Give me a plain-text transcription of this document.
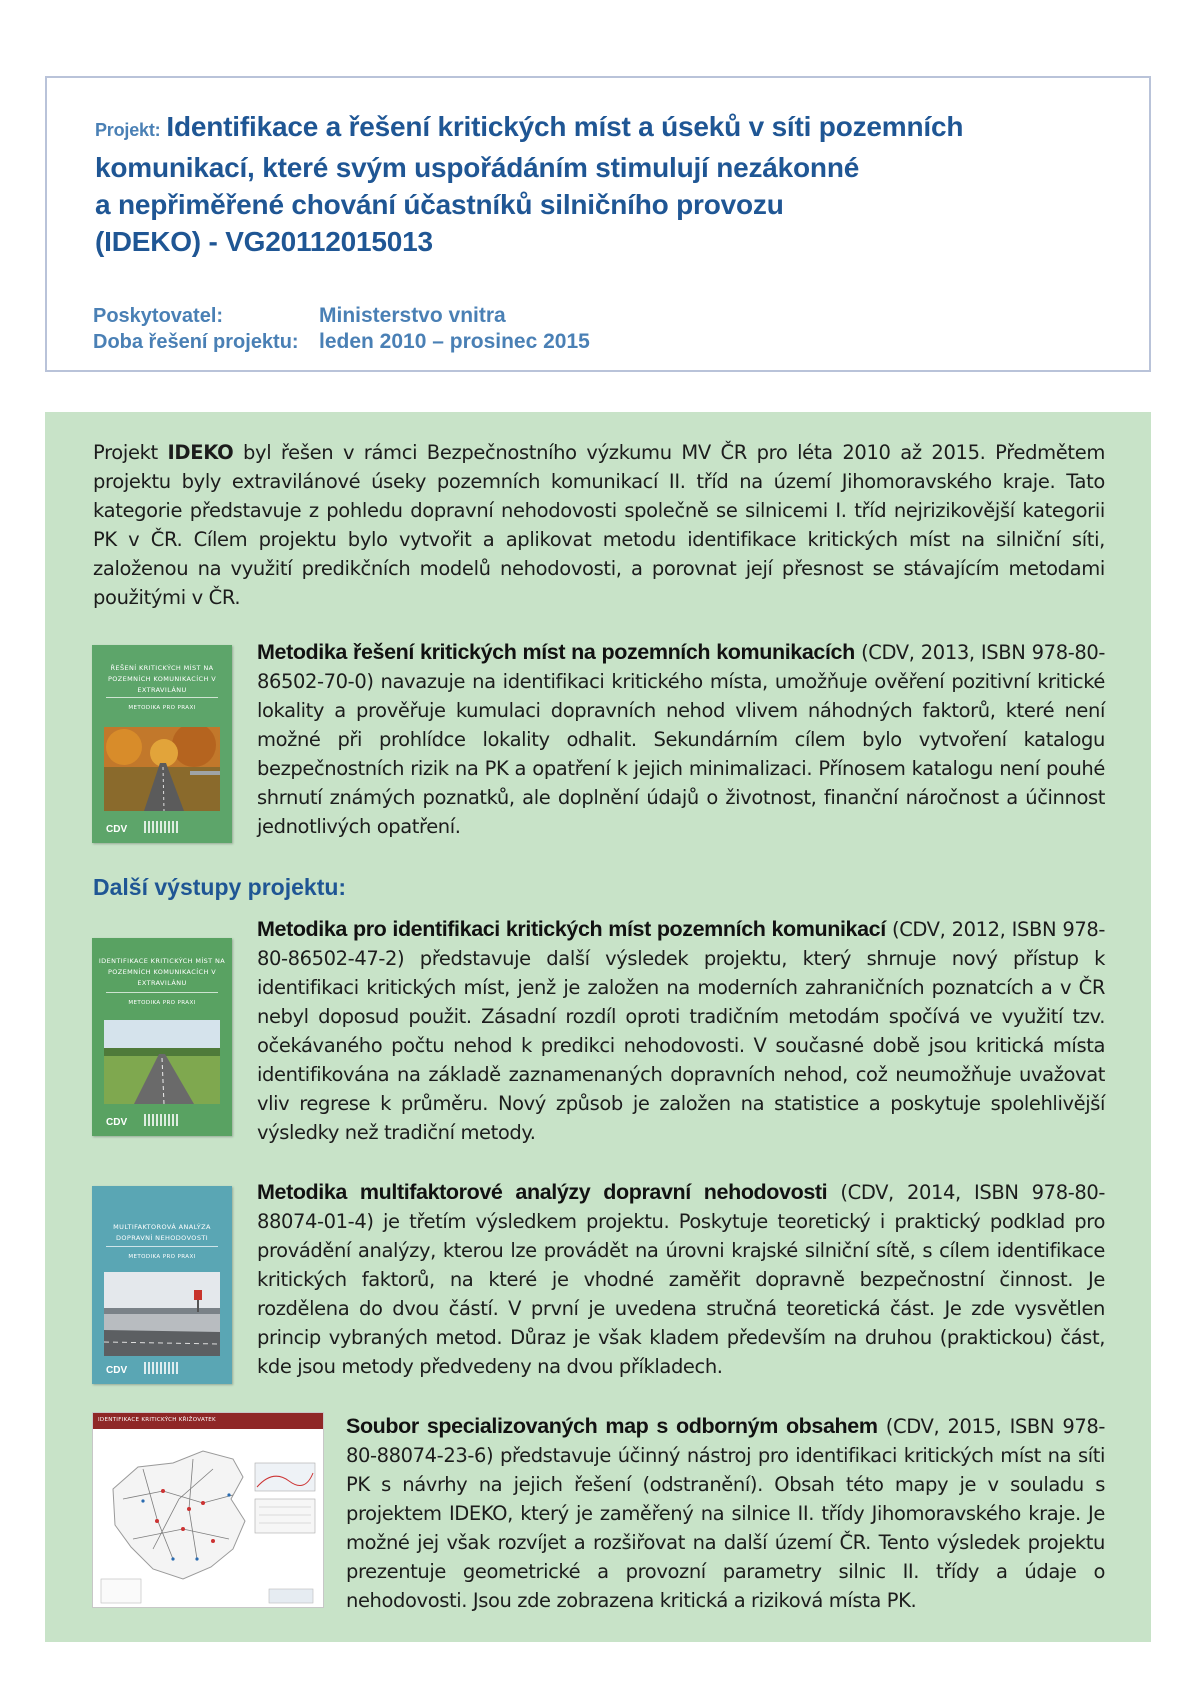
Projekt: Identifikace a řešení kritických míst a úseků v síti pozemních
komunikací, které svým uspořádáním stimulují nezákonné
a nepřiměřené chování účastníků silničního provozu
(IDEKO) - VG20112015013
Poskytovatel:	Ministerstvo vnitra
Doba řešení projektu: leden 2010 – prosinec 2015

Projekt IDEKO byl řešen v rámci Bezpečnostního výzkumu MV ČR pro léta 2010 až 2015. Předmětem projektu byly extravilánové úseky pozemních komunikací II. tříd na území Jihomoravského kraje. Tato kategorie představuje z pohledu dopravní nehodovosti společně se silnicemi I. tříd nejrizikovější kategorii PK v ČR. Cílem projektu bylo vytvořit a aplikovat metodu identifikace kritických míst na silniční síti, založenou na využití predikčních modelů nehodovosti, a porovnat její přesnost se stávajícím metodami použitými v ČR.

ŘEŠENÍ KRITICKÝCH MÍST NA POZEMNÍCH KOMUNIKACÍCH V EXTRAVILÁNU
METODIKA PRO PRAXI
CDV

Metodika řešení kritických míst na pozemních komunikacích (CDV, 2013, ISBN 978-80-86502-70-0) navazuje na identifikaci kritického místa, umožňuje ověření pozitivní kritické lokality a prověřuje kumulaci dopravních nehod vlivem náhodných faktorů, které není možné při prohlídce lokality odhalit. Sekundárním cílem bylo vytvoření katalogu bezpečnostních rizik na PK a opatření k jejich minimalizaci. Přínosem katalogu není pouhé shrnutí známých poznatků, ale doplnění údajů o životnost, finanční náročnost a účinnost jednotlivých opatření.

Další výstupy projektu:
IDENTIFIKACE KRITICKÝCH MÍST NA POZEMNÍCH KOMUNIKACÍCH V EXTRAVILÁNU
METODIKA PRO PRAXI
CDV

Metodika pro identifikaci kritických míst pozemních komunikací (CDV, 2012, ISBN 978-80-86502-47-2) představuje další výsledek projektu, který shrnuje nový přístup k identifikaci kritických míst, jenž je založen na moderních zahraničních poznatcích a v ČR nebyl doposud použit. Zásadní rozdíl oproti tradičním metodám spočívá ve využití tzv. očekávaného počtu nehod k predikci nehodovosti. V současné době jsou kritická místa identifikována na základě zaznamenaných dopravních nehod, což neumožňuje uvažovat vliv regrese k průměru. Nový způsob je založen na statistice a poskytuje spolehlivější výsledky než tradiční metody.

MULTIFAKTOROVÁ ANALÝZA DOPRAVNÍ NEHODOVOSTI
METODIKA PRO PRAXI
CDV

Metodika multifaktorové analýzy dopravní nehodovosti (CDV, 2014, ISBN 978-80-88074-01-4) je třetím výsledkem projektu. Poskytuje teoretický i praktický podklad pro provádění analýzy, kterou lze provádět na úrovni krajské silniční sítě, s cílem identifikace kritických faktorů, na které je vhodné zaměřit dopravně bezpečnostní činnost. Je rozdělena do dvou částí. V první je uvedena stručná teoretická část. Je zde vysvětlen princip vybraných metod. Důraz je však kladem především na druhou (praktickou) část, kde jsou metody předvedeny na dvou příkladech.

IDENTIFIKACE KRITICKÝCH KŘIŽOVATEK	Soubor specializovaných map s odborným obsahem (CDV, 2015, ISBN 978-80-88074-23-6) představuje účinný nástroj pro identifikaci kritických míst na síti PK s návrhy na jejich řešení (odstranění). Obsah této mapy je v souladu s projektem IDEKO, který je zaměřený na silnice II. třídy Jihomoravského kraje. Je možné jej však rozvíjet a rozšiřovat na další území ČR. Tento výsledek projektu prezentuje geometrické a provozní parametry silnic II. třídy a údaje o nehodovosti. Jsou zde zobrazena kritická a riziková místa PK.
